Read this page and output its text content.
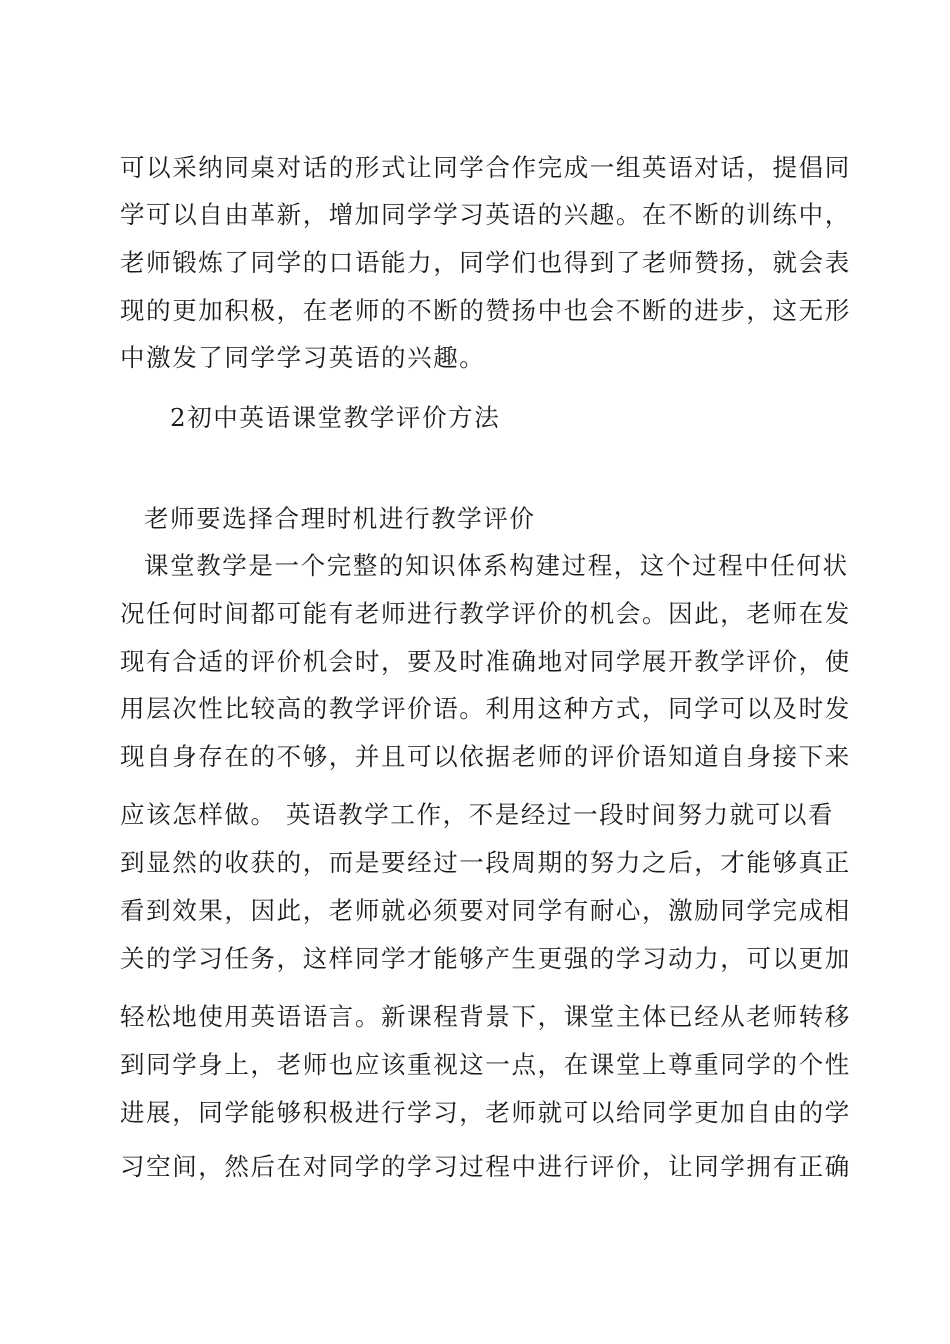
可以采纳同桌对话的形式让同学合作完成一组英语对话，提倡同
学可以自由革新，增加同学学习英语的兴趣。在不断的训练中，
老师锻炼了同学的口语能力，同学们也得到了老师赞扬，就会表
现的更加积极，在老师的不断的赞扬中也会不断的进步，这无形
中激发了同学学习英语的兴趣。
2初中英语课堂教学评价方法
老师要选择合理时机进行教学评价
课堂教学是一个完整的知识体系构建过程，这个过程中任何状
况任何时间都可能有老师进行教学评价的机会。因此，老师在发
现有合适的评价机会时，要及时准确地对同学展开教学评价，使
用层次性比较高的教学评价语。利用这种方式，同学可以及时发
现自身存在的不够，并且可以依据老师的评价语知道自身接下来
应该怎样做。 英语教学工作，不是经过一段时间努力就可以看
到显然的收获的，而是要经过一段周期的努力之后，才能够真正
看到效果，因此，老师就必须要对同学有耐心，激励同学完成相
关的学习任务，这样同学才能够产生更强的学习动力，可以更加
轻松地使用英语语言。新课程背景下，课堂主体已经从老师转移
到同学身上，老师也应该重视这一点，在课堂上尊重同学的个性
进展，同学能够积极进行学习，老师就可以给同学更加自由的学
习空间，然后在对同学的学习过程中进行评价，让同学拥有正确
